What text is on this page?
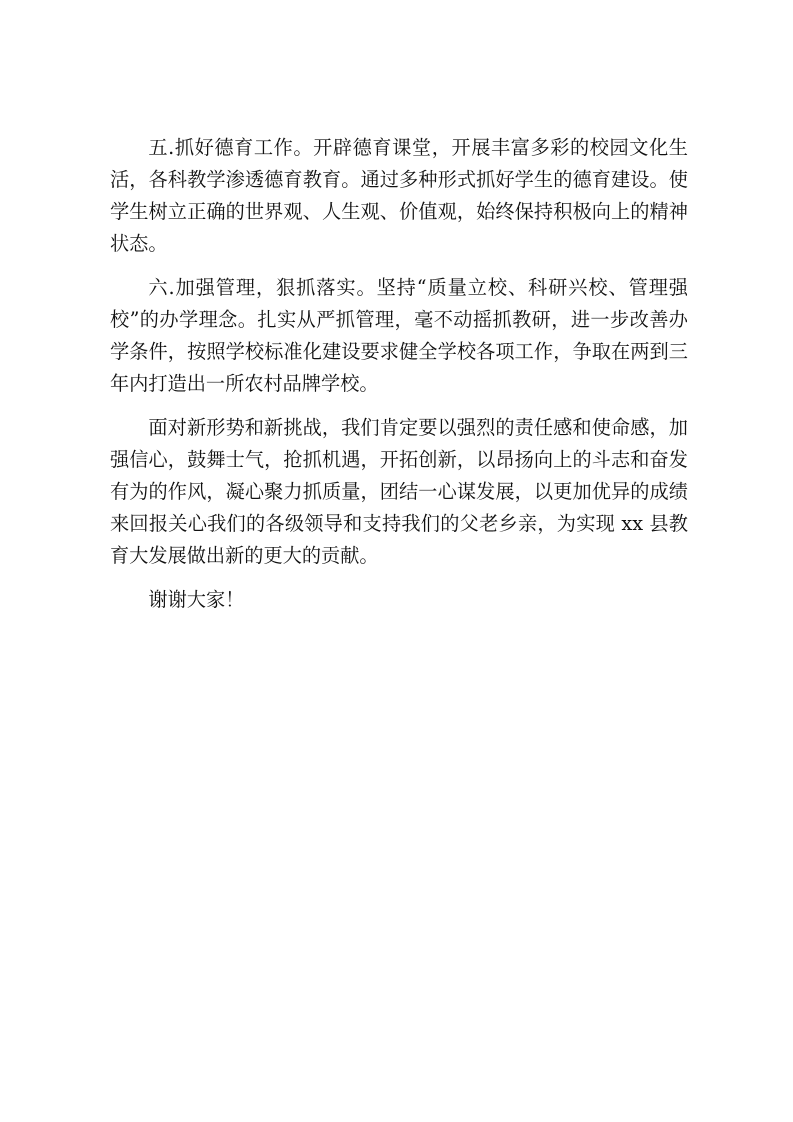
五.抓好德育工作。开辟德育课堂，开展丰富多彩的校园文化生活，各科教学渗透德育教育。通过多种形式抓好学生的德育建设。使学生树立正确的世界观、人生观、价值观，始终保持积极向上的精神状态。

六.加强管理，狠抓落实。坚持“质量立校、科研兴校、管理强校”的办学理念。扎实从严抓管理，毫不动摇抓教研，进一步改善办学条件，按照学校标准化建设要求健全学校各项工作，争取在两到三年内打造出一所农村品牌学校。

面对新形势和新挑战，我们肯定要以强烈的责任感和使命感，加强信心，鼓舞士气，抢抓机遇，开拓创新，以昂扬向上的斗志和奋发有为的作风，凝心聚力抓质量，团结一心谋发展，以更加优异的成绩来回报关心我们的各级领导和支持我们的父老乡亲，为实现 xx 县教育大发展做出新的更大的贡献。

谢谢大家！
